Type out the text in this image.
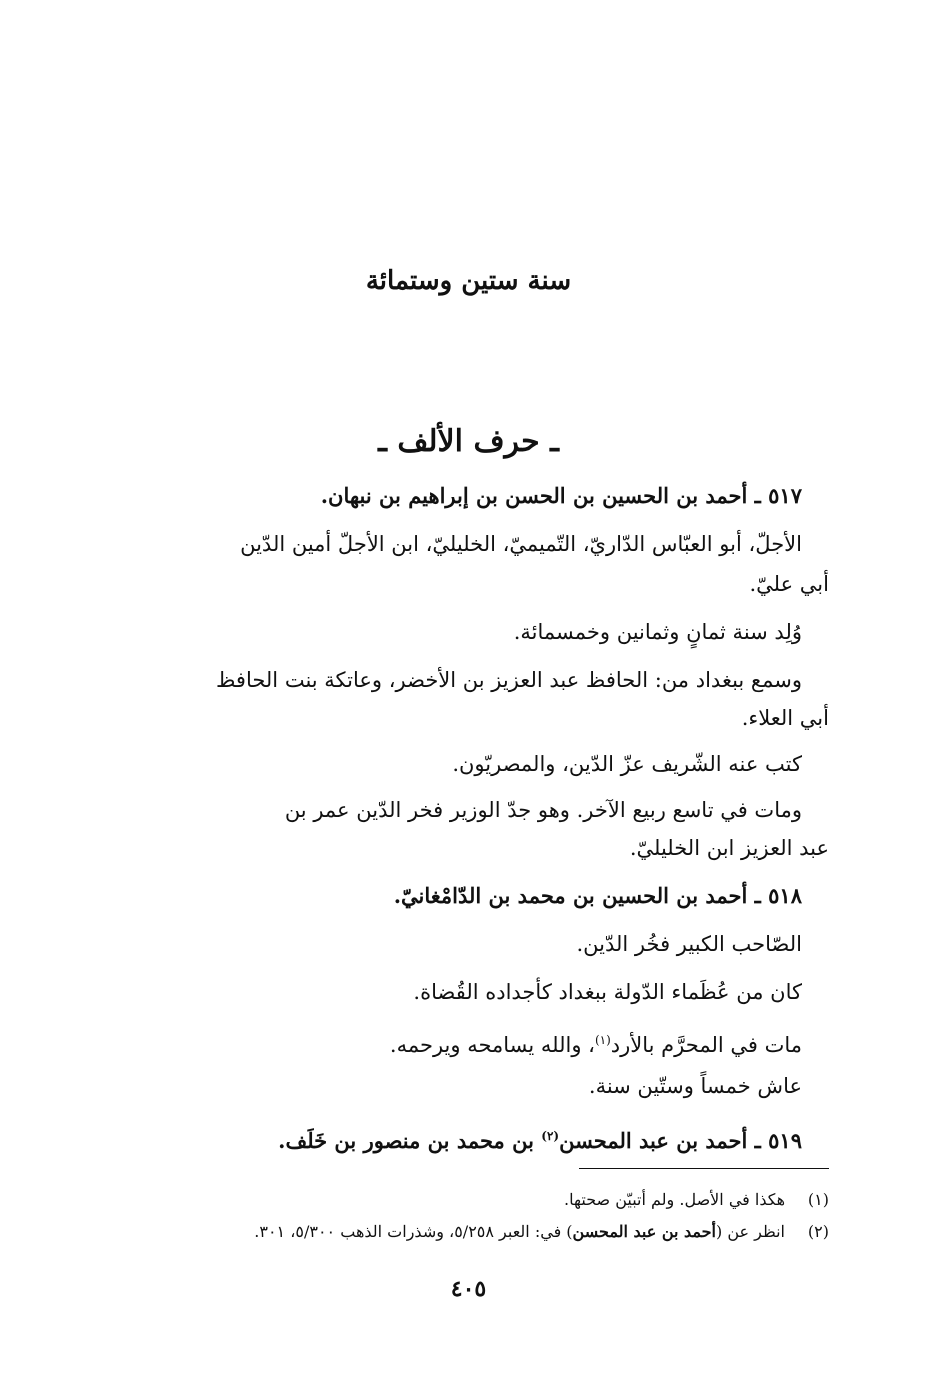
سنة ستين وستمائة
ـ حرف الألف ـ
٥١٧ ـ أحمد بن الحسين بن الحسن بن إبراهيم بن نبهان.
الأجلّ، أبو العبّاس الدّاريّ، التّميميّ، الخليليّ، ابن الأجلّ أمين الدّين
أبي عليّ.
وُلِد سنة ثمانٍ وثمانين وخمسمائة.
وسمع ببغداد من: الحافظ عبد العزيز بن الأخضر، وعاتكة بنت الحافظ
أبي العلاء.
كتب عنه الشّريف عزّ الدّين، والمصريّون.
ومات في تاسع ربيع الآخر. وهو جدّ الوزير فخر الدّين عمر بن
عبد العزيز ابن الخليليّ.
٥١٨ ـ أحمد بن الحسين بن محمد بن الدّامْغانيّ.
الصّاحب الكبير فخُر الدّين.
كان من عُظَماء الدّولة ببغداد كأجداده القُضاة.
مات في المحرَّم بالأرد$^{(١)}$، والله يسامحه ويرحمه.
عاش خمساً وستّين سنة.
٥١٩ ـ أحمد بن عبد المحسن$^{(٢)}$ بن محمد بن منصور بن خَلَف.
(١)هكذا في الأصل. ولم أتبيّن صحتها.
(٢)انظر عن (أحمد بن عبد المحسن) في: العبر ٥/٢٥٨، وشذرات الذهب ٥/٣٠٠، ٣٠١.
٤٠٥
